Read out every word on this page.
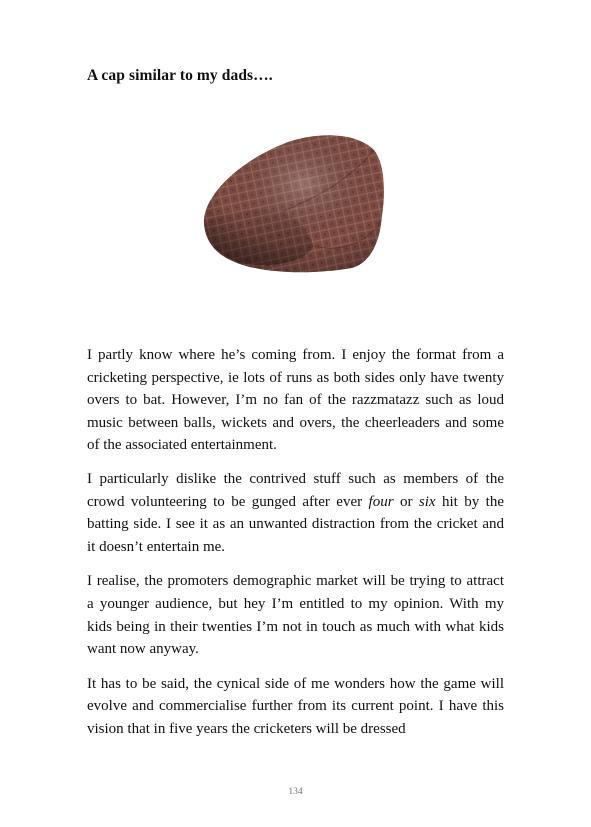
A cap similar to my dads….

I partly know where he’s coming from. I enjoy the format from a cricketing perspective, ie lots of runs as both sides only have twenty overs to bat. However, I’m no fan of the razzmatazz such as loud music between balls, wickets and overs, the cheerleaders and some of the associated entertainment.

I particularly dislike the contrived stuff such as members of the crowd volunteering to be gunged after ever four or six hit by the batting side. I see it as an unwanted distraction from the cricket and it doesn’t entertain me.

I realise, the promoters demographic market will be trying to attract a younger audience, but hey I’m entitled to my opinion. With my kids being in their twenties I’m not in touch as much with what kids want now anyway.

It has to be said, the cynical side of me wonders how the game will evolve and commercialise further from its current point. I have this vision that in five years the cricketers will be dressed

134
